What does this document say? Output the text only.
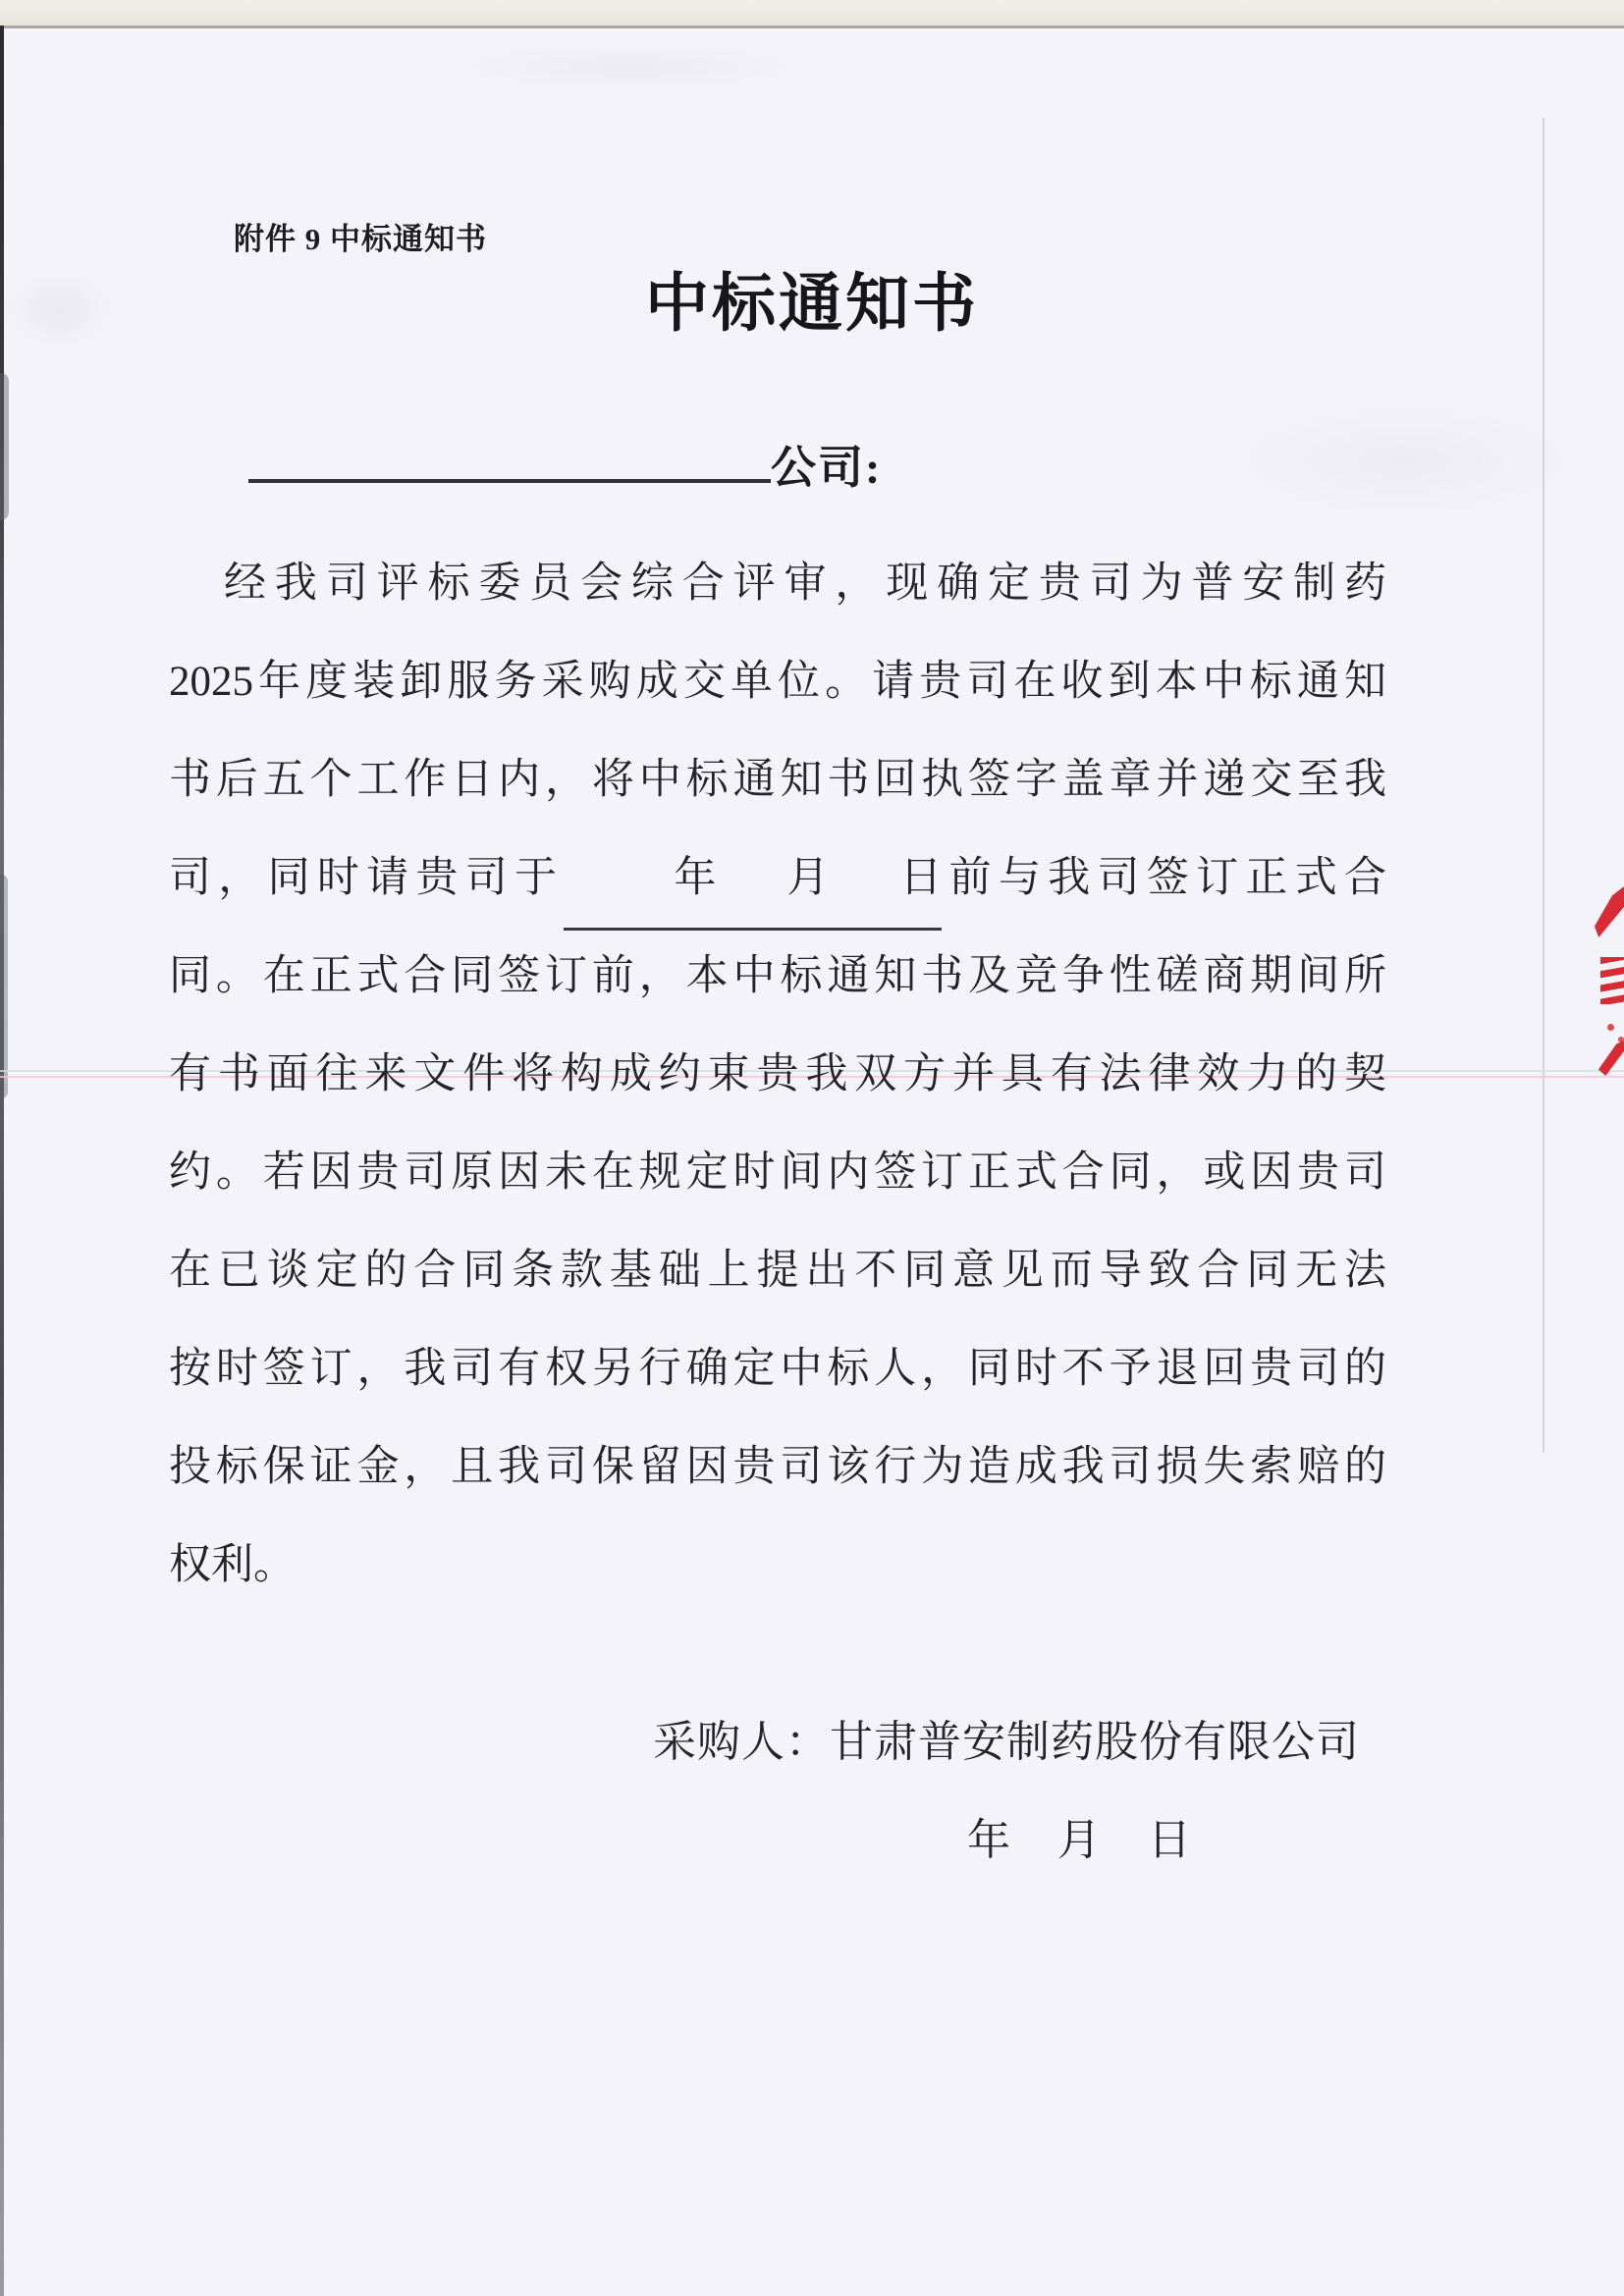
附件 9 中标通知书
中标通知书
公司:
经我司评标委员会综合评审，现确定贵司为普安制药
2025年度装卸服务采购成交单位。请贵司在收到本中标通知
书后五个工作日内，将中标通知书回执签字盖章并递交至我
司，同时请贵司于	年 月 日 前与我司签订正式合
同。在正式合同签订前，本中标通知书及竞争性磋商期间所
有书面往来文件将构成约束贵我双方并具有法律效力的契
约。若因贵司原因未在规定时间内签订正式合同，或因贵司
在已谈定的合同条款基础上提出不同意见而导致合同无法
按时签订，我司有权另行确定中标人，同时不予退回贵司的
投标保证金，且我司保留因贵司该行为造成我司损失索赔的
权利。
采购人：甘肃普安制药股份有限公司
年 月 日
